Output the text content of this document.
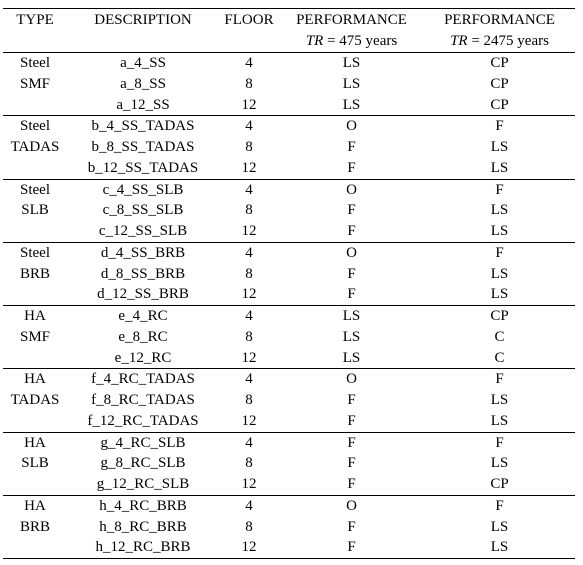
TYPE	DESCRIPTION	FLOOR	PERFORMANCE	PERFORMANCE
			TR = 475 years	TR = 2475 years
Steel	a_4_SS	4	LS	CP
SMF	a_8_SS	8	LS	CP
	a_12_SS	12	LS	CP
Steel	b_4_SS_TADAS	4	O	F
TADAS	b_8_SS_TADAS	8	F	LS
	b_12_SS_TADAS	12	F	LS
Steel	c_4_SS_SLB	4	O	F
SLB	c_8_SS_SLB	8	F	LS
	c_12_SS_SLB	12	F	LS
Steel	d_4_SS_BRB	4	O	F
BRB	d_8_SS_BRB	8	F	LS
	d_12_SS_BRB	12	F	LS
HA	e_4_RC	4	LS	CP
SMF	e_8_RC	8	LS	C
	e_12_RC	12	LS	C
HA	f_4_RC_TADAS	4	O	F
TADAS	f_8_RC_TADAS	8	F	LS
	f_12_RC_TADAS	12	F	LS
HA	g_4_RC_SLB	4	F	F
SLB	g_8_RC_SLB	8	F	LS
	g_12_RC_SLB	12	F	CP
HA	h_4_RC_BRB	4	O	F
BRB	h_8_RC_BRB	8	F	LS
	h_12_RC_BRB	12	F	LS
